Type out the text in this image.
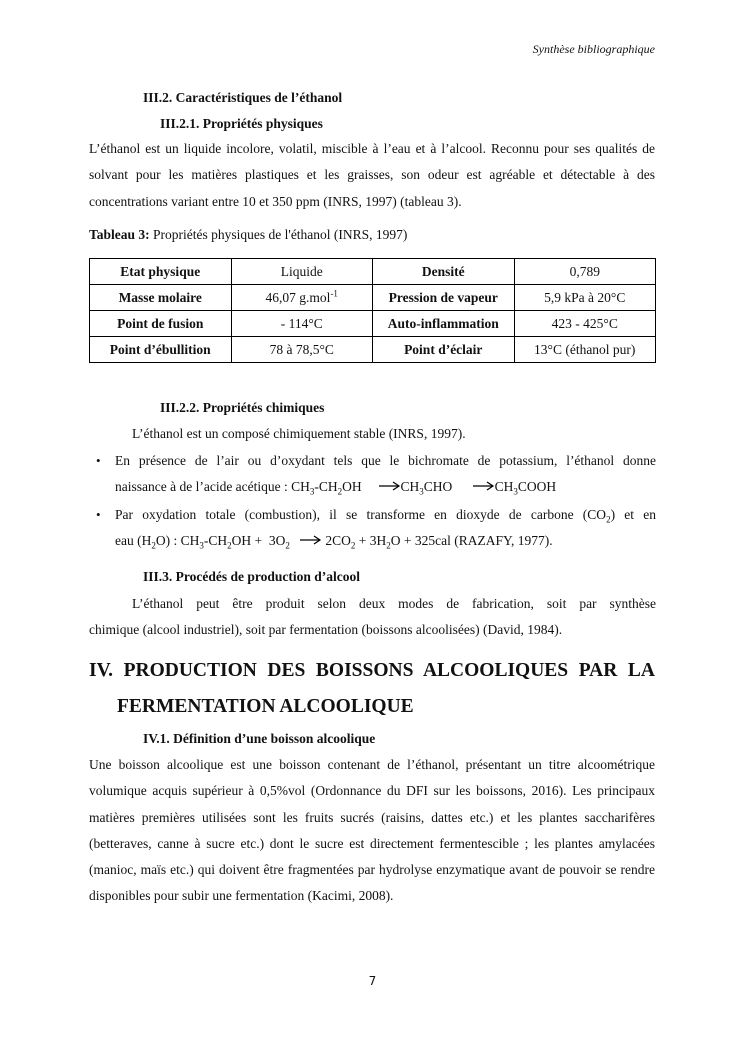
Synthèse bibliographique
III.2. Caractéristiques de l’éthanol
III.2.1. Propriétés physiques
L’éthanol est un liquide incolore, volatil, miscible à l’eau et à l’alcool. Reconnu pour ses qualités de solvant pour les matières plastiques et les graisses, son odeur est agréable et détectable à des concentrations variant entre 10 et 350 ppm (INRS, 1997) (tableau 3).
Tableau 3: Propriétés physiques de l'éthanol (INRS, 1997)
Etat physique	Liquide	Densité	0,789
Masse molaire	46,07 g.mol$^{-1}$	Pression de vapeur	5,9 kPa à 20°C
Point de fusion	- 114°C	Auto-inflammation	423 - 425°C
Point d’ébullition	78 à 78,5°C	Point d’éclair	13°C (éthanol pur)
III.2.2. Propriétés chimiques
L’éthanol est un composé chimiquement stable (INRS, 1997).
• En présence de l’air ou d’oxydant tels que le bichromate de potassium, l’éthanol donne
naissance à de l’acide acétique : $CH_3-CH_2OH$     $CH_3CHO$      $CH_3COOH$
• Par oxydation totale (combustion), il se transforme en dioxyde de carbone $(CO_2)$ et en
eau $(H_2O)$ : $CH_3-CH_2OH + 3O_2$    $2CO_2 + 3H_2O + 325cal$ (RAZAFY, 1977).
III.3. Procédés de production d’alcool
L’éthanol peut être produit selon deux modes de fabrication, soit par synthèse
chimique (alcool industriel), soit par fermentation (boissons alcoolisées) (David, 1984).
IV. PRODUCTION DES BOISSONS ALCOOLIQUES PAR LA
FERMENTATION ALCOOLIQUE
IV.1. Définition d’une boisson alcoolique
Une boisson alcoolique est une boisson contenant de l’éthanol, présentant un titre alcoométrique volumique acquis supérieur à 0,5%vol (Ordonnance du DFI sur les boissons, 2016). Les principaux matières premières utilisées sont les fruits sucrés (raisins, dattes etc.) et les plantes saccharifères (betteraves, canne à sucre etc.) dont le sucre est directement fermentescible ; les plantes amylacées (manioc, maïs etc.) qui doivent être fragmentées par hydrolyse enzymatique avant de pouvoir se rendre disponibles pour subir une fermentation (Kacimi, 2008).
7
